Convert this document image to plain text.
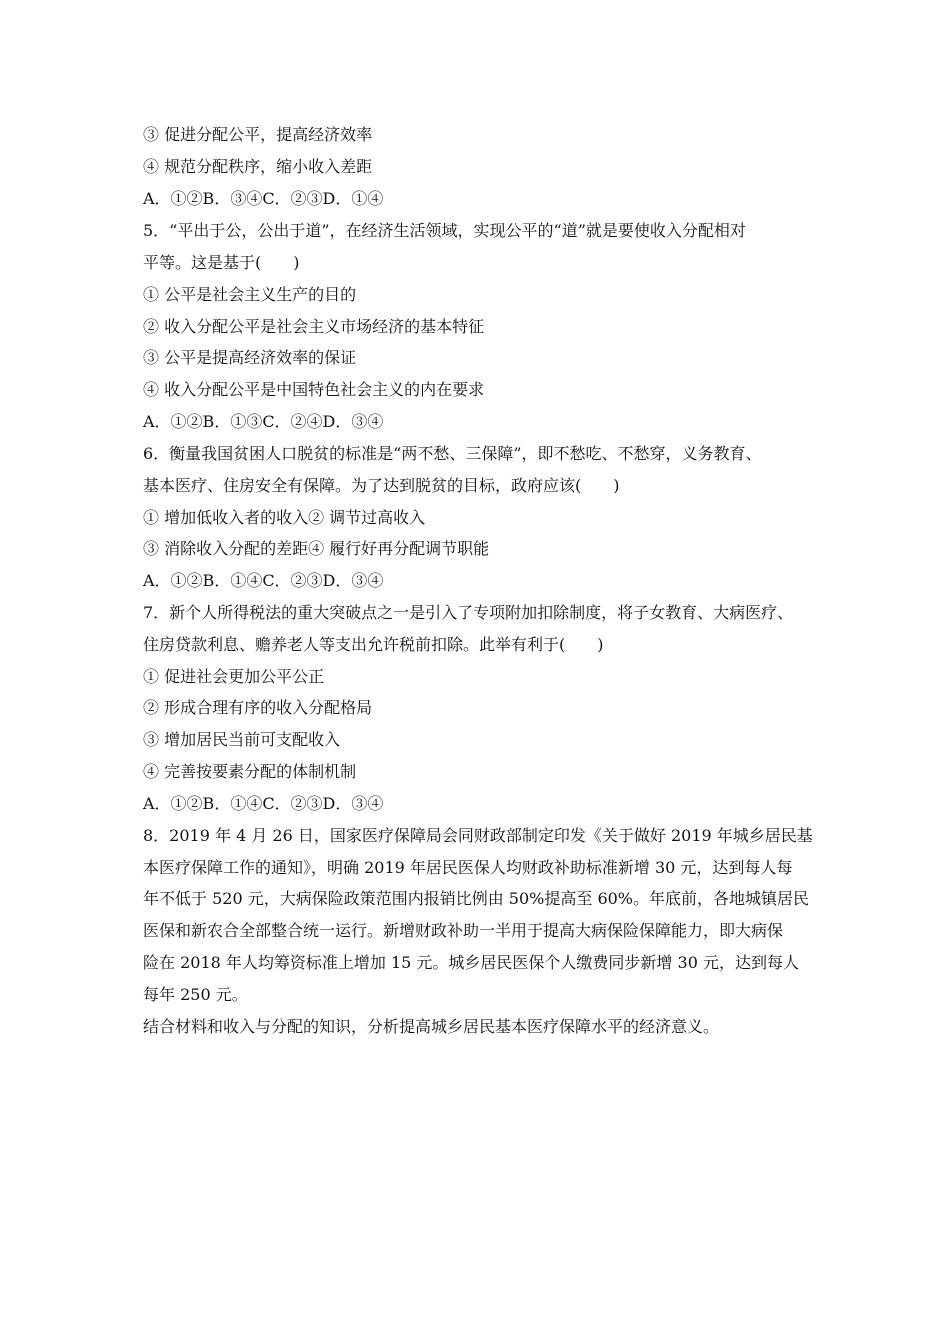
③ 促进分配公平，提高经济效率
④ 规范分配秩序，缩小收入差距
A．①②B．③④C．②③D．①④
5．“平出于公，公出于道”，在经济生活领域，实现公平的“道”就是要使收入分配相对
平等。这是基于(　　)
① 公平是社会主义生产的目的
② 收入分配公平是社会主义市场经济的基本特征
③ 公平是提高经济效率的保证
④ 收入分配公平是中国特色社会主义的内在要求
A．①②B．①③C．②④D．③④
6．衡量我国贫困人口脱贫的标准是“两不愁、三保障”，即不愁吃、不愁穿，义务教育、
基本医疗、住房安全有保障。为了达到脱贫的目标，政府应该(　　)
① 增加低收入者的收入② 调节过高收入
③ 消除收入分配的差距④ 履行好再分配调节职能
A．①②B．①④C．②③D．③④
7．新个人所得税法的重大突破点之一是引入了专项附加扣除制度，将子女教育、大病医疗、
住房贷款利息、赡养老人等支出允许税前扣除。此举有利于(　　)
① 促进社会更加公平公正
② 形成合理有序的收入分配格局
③ 增加居民当前可支配收入
④ 完善按要素分配的体制机制
A．①②B．①④C．②③D．③④
8．2019 年 4 月 26 日，国家医疗保障局会同财政部制定印发《关于做好 2019 年城乡居民基
本医疗保障工作的通知》，明确 2019 年居民医保人均财政补助标准新增 30 元，达到每人每
年不低于 520 元，大病保险政策范围内报销比例由 50%提高至 60%。年底前，各地城镇居民
医保和新农合全部整合统一运行。新增财政补助一半用于提高大病保险保障能力，即大病保
险在 2018 年人均筹资标准上增加 15 元。城乡居民医保个人缴费同步新增 30 元，达到每人
每年 250 元。
结合材料和收入与分配的知识，分析提高城乡居民基本医疗保障水平的经济意义。
